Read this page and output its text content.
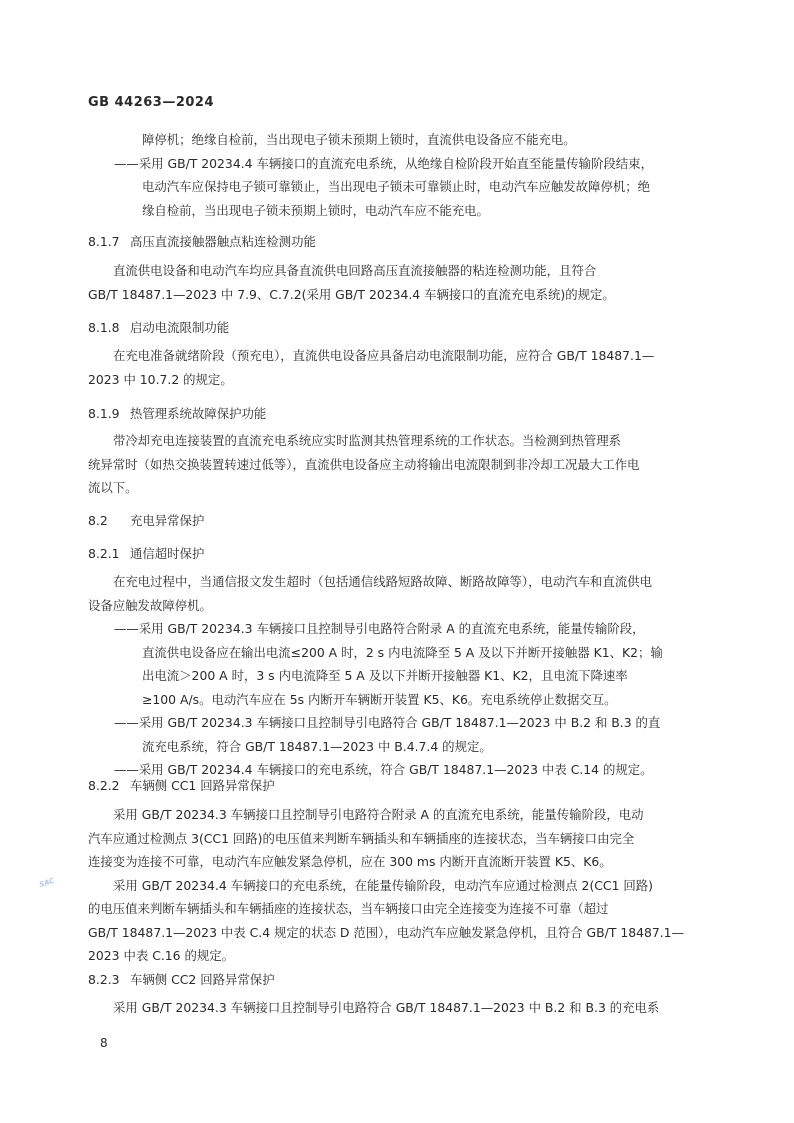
GB 44263—2024
障停机；绝缘自检前，当出现电子锁未预期上锁时，直流供电设备应不能充电。
——采用 GB/T 20234.4 车辆接口的直流充电系统，从绝缘自检阶段开始直至能量传输阶段结束，
电动汽车应保持电子锁可靠锁止，当出现电子锁未可靠锁止时，电动汽车应触发故障停机；绝
缘自检前，当出现电子锁未预期上锁时，电动汽车应不能充电。
8.1.7 高压直流接触器触点粘连检测功能
直流供电设备和电动汽车均应具备直流供电回路高压直流接触器的粘连检测功能，且符合
GB/T 18487.1—2023 中 7.9、C.7.2(采用 GB/T 20234.4 车辆接口的直流充电系统)的规定。
8.1.8 启动电流限制功能
在充电准备就绪阶段（预充电），直流供电设备应具备启动电流限制功能，应符合 GB/T 18487.1—
2023 中 10.7.2 的规定。
8.1.9 热管理系统故障保护功能
带冷却充电连接装置的直流充电系统应实时监测其热管理系统的工作状态。当检测到热管理系
统异常时（如热交换装置转速过低等），直流供电设备应主动将输出电流限制到非冷却工况最大工作电
流以下。
8.2 充电异常保护
8.2.1 通信超时保护
在充电过程中，当通信报文发生超时（包括通信线路短路故障、断路故障等），电动汽车和直流供电
设备应触发故障停机。
——采用 GB/T 20234.3 车辆接口且控制导引电路符合附录 A 的直流充电系统，能量传输阶段，
直流供电设备应在输出电流≤200 A 时，2 s 内电流降至 5 A 及以下并断开接触器 K1、K2；输
出电流＞200 A 时，3 s 内电流降至 5 A 及以下并断开接触器 K1、K2，且电流下降速率
≥100 A/s。电动汽车应在 5s 内断开车辆断开装置 K5、K6。充电系统停止数据交互。
——采用 GB/T 20234.3 车辆接口且控制导引电路符合 GB/T 18487.1—2023 中 B.2 和 B.3 的直
流充电系统，符合 GB/T 18487.1—2023 中 B.4.7.4 的规定。
——采用 GB/T 20234.4 车辆接口的充电系统，符合 GB/T 18487.1—2023 中表 C.14 的规定。
8.2.2 车辆侧 CC1 回路异常保护
采用 GB/T 20234.3 车辆接口且控制导引电路符合附录 A 的直流充电系统，能量传输阶段，电动
汽车应通过检测点 3(CC1 回路)的电压值来判断车辆插头和车辆插座的连接状态，当车辆接口由完全
连接变为连接不可靠，电动汽车应触发紧急停机，应在 300 ms 内断开直流断开装置 K5、K6。
采用 GB/T 20234.4 车辆接口的充电系统，在能量传输阶段，电动汽车应通过检测点 2(CC1 回路)
的电压值来判断车辆插头和车辆插座的连接状态，当车辆接口由完全连接变为连接不可靠（超过
GB/T 18487.1—2023 中表 C.4 规定的状态 D 范围），电动汽车应触发紧急停机，且符合 GB/T 18487.1—
2023 中表 C.16 的规定。
8.2.3 车辆侧 CC2 回路异常保护
采用 GB/T 20234.3 车辆接口且控制导引电路符合 GB/T 18487.1—2023 中 B.2 和 B.3 的充电系
SAC
8
